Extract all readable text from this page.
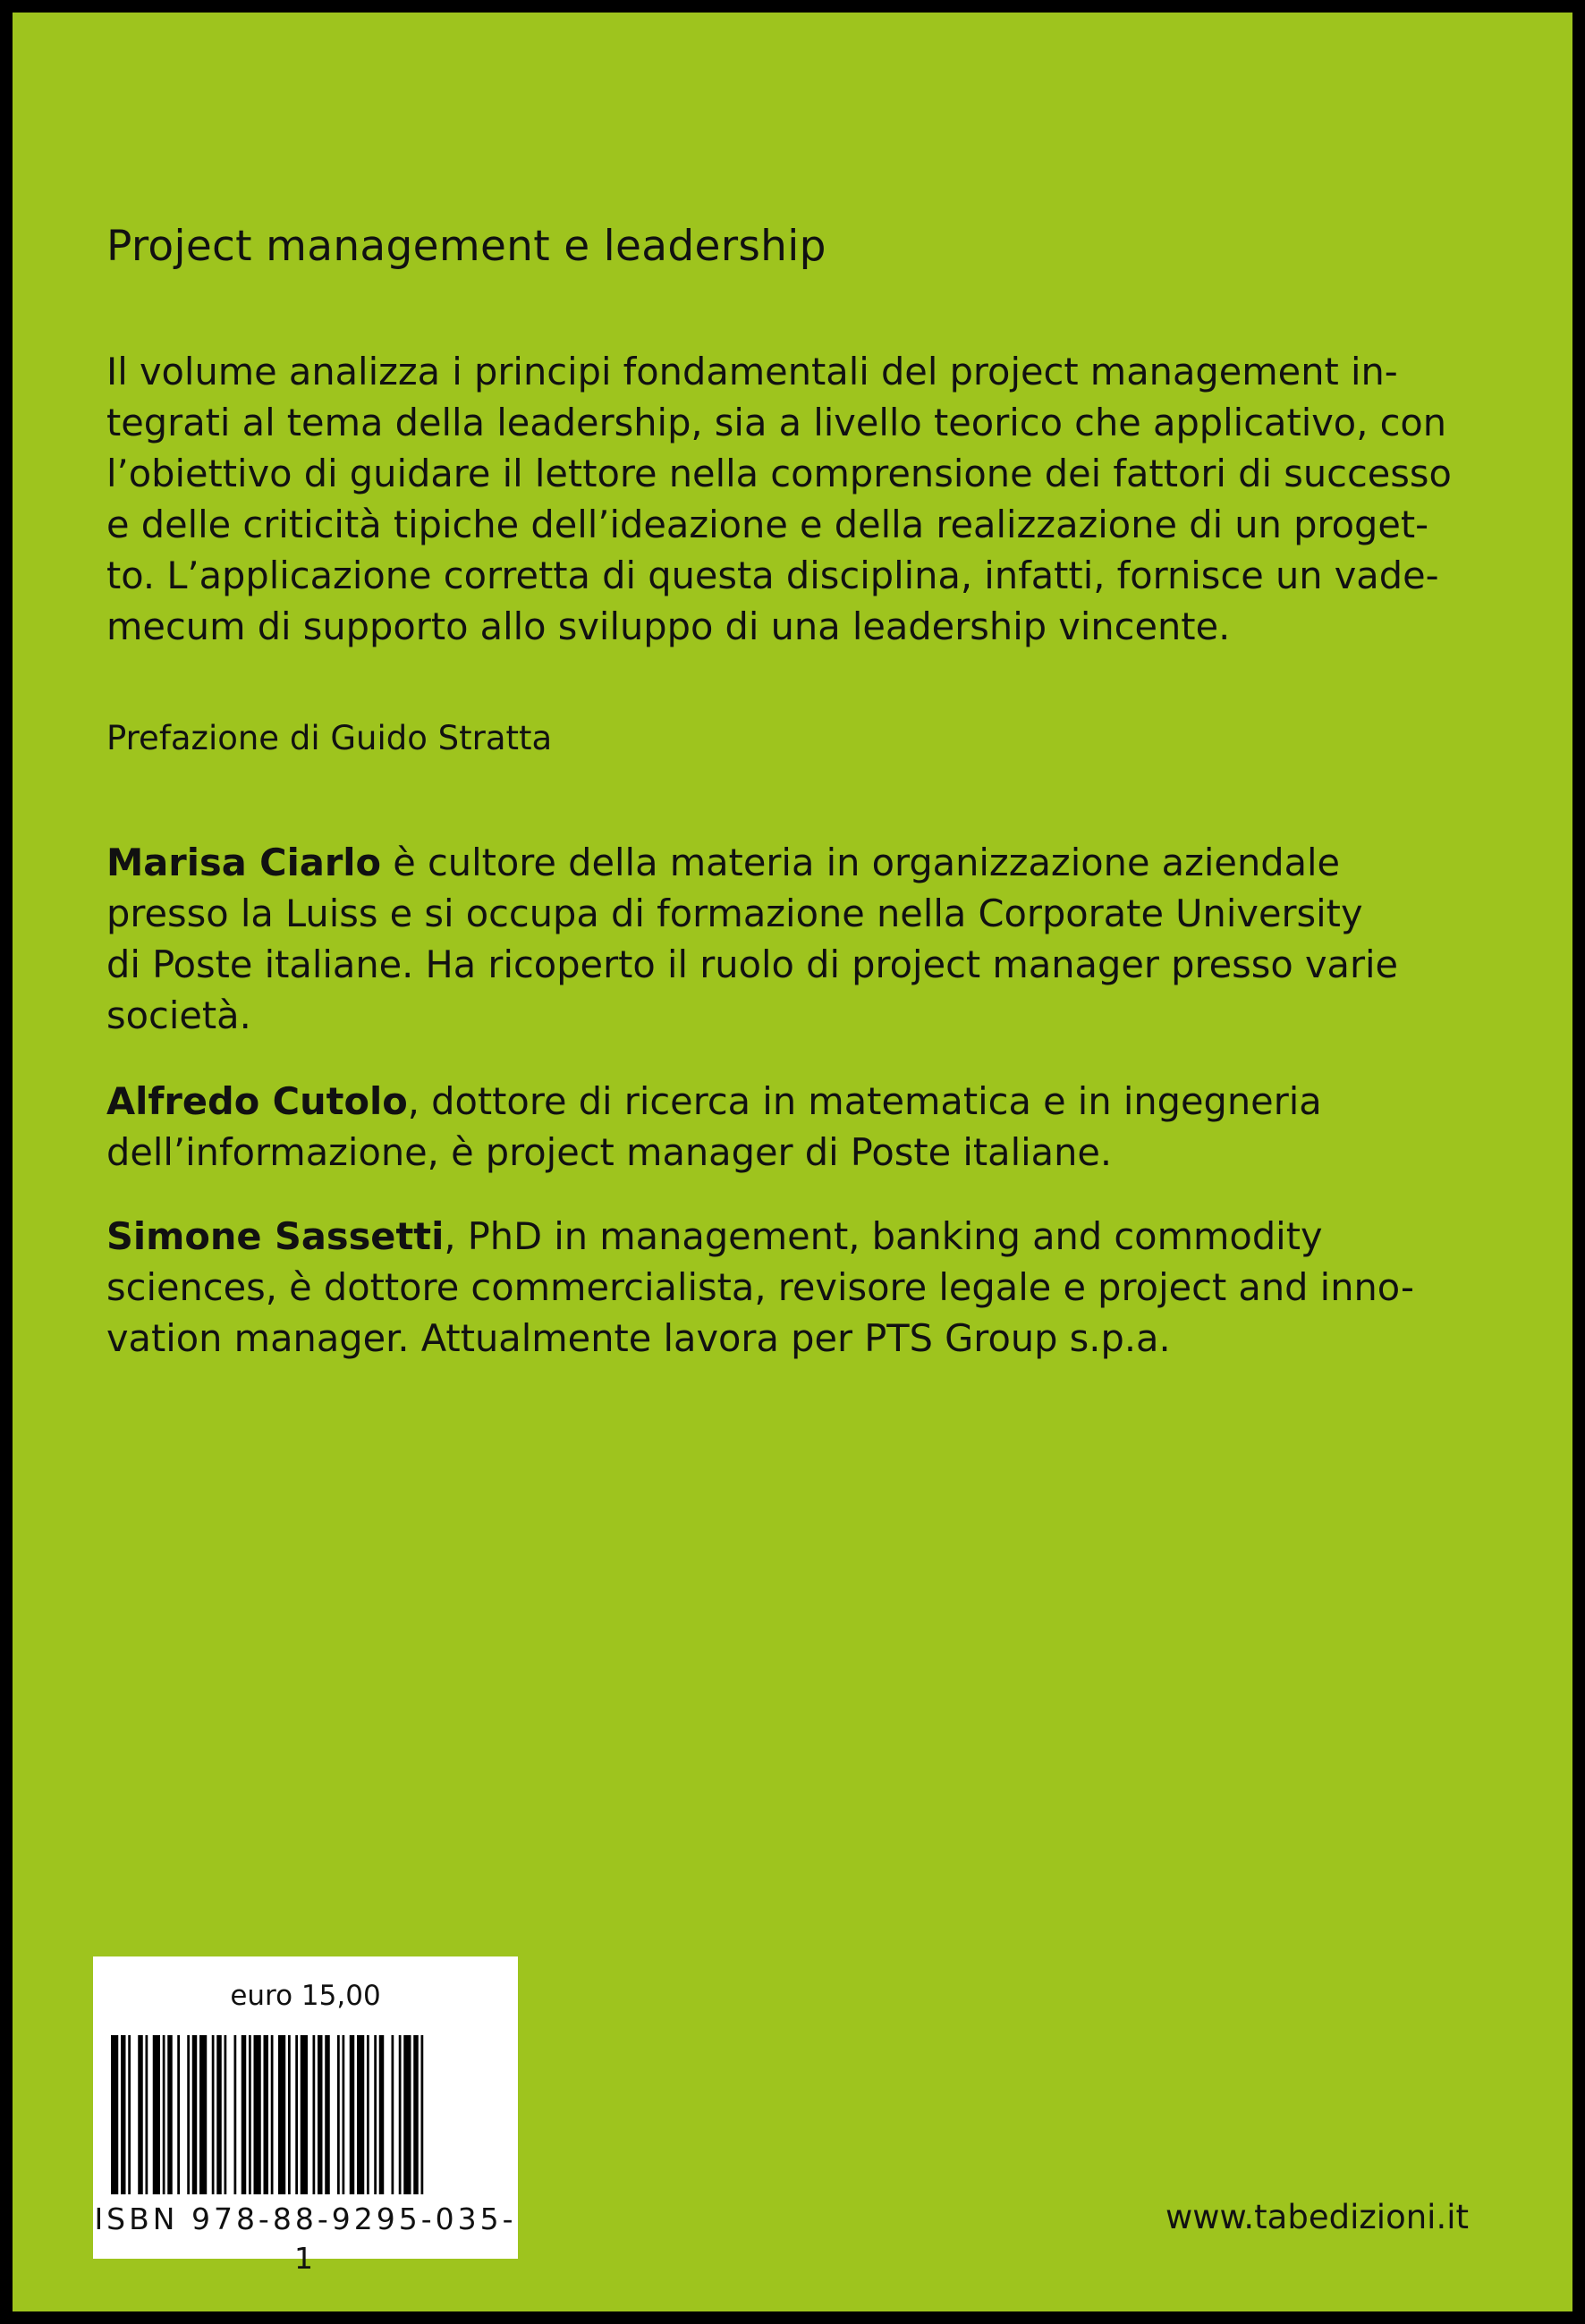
Project management e leadership
Il volume analizza i principi fondamentali del project management in-
tegrati al tema della leadership, sia a livello teorico che applicativo, con
l’obiettivo di guidare il lettore nella comprensione dei fattori di successo
e delle criticità tipiche dell’ideazione e della realizzazione di un proget-
to. L’applicazione corretta di questa disciplina, infatti, fornisce un vade-
mecum di supporto allo sviluppo di una leadership vincente.
Prefazione di Guido Stratta
Marisa Ciarlo è cultore della materia in organizzazione aziendale
presso la Luiss e si occupa di formazione nella Corporate University
di Poste italiane. Ha ricoperto il ruolo di project manager presso varie
società.
Alfredo Cutolo, dottore di ricerca in matematica e in ingegneria
dell’informazione, è project manager di Poste italiane.
Simone Sassetti, PhD in management, banking and commodity
sciences, è dottore commercialista, revisore legale e project and inno-
vation manager. Attualmente lavora per PTS Group s.p.a.
euro 15,00
ISBN 978-88-9295-035-1
www.tabedizioni.it
